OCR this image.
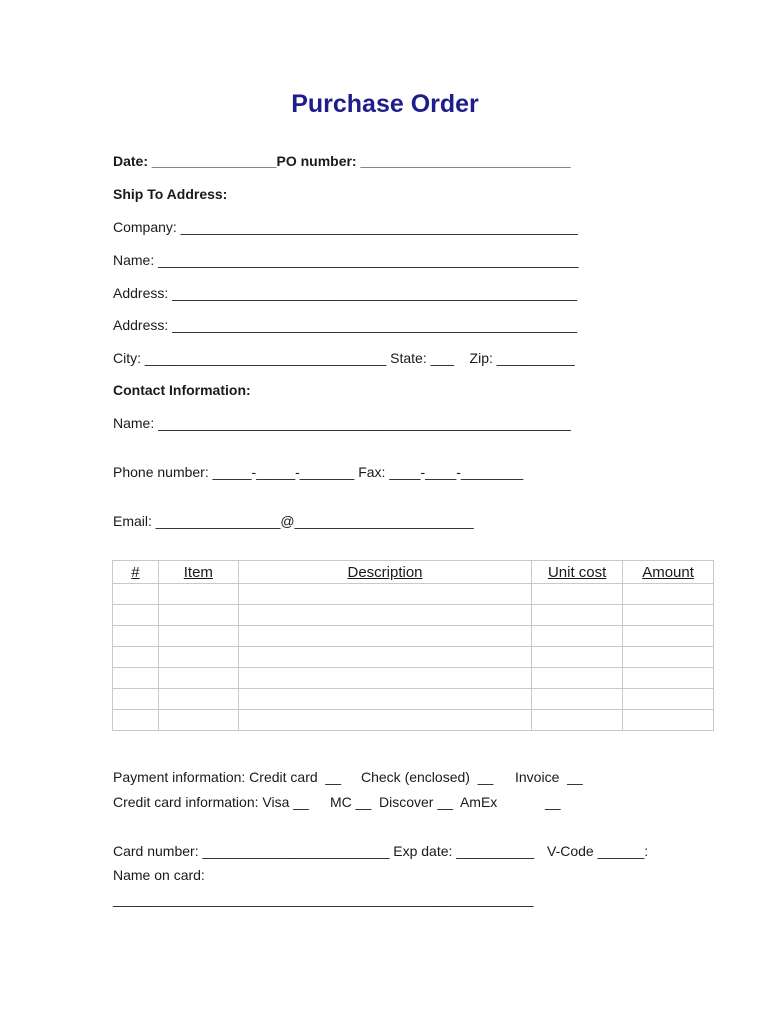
Purchase Order
Date: ________________PO number: ___________________________
Ship To Address:
Company: ___________________________________________________
Name: ______________________________________________________
Address: ____________________________________________________
Address: ____________________________________________________
City: _______________________________ State: ___    Zip: __________
Contact Information:
Name: _____________________________________________________
Phone number: _____-_____-_______ Fax: ____-____-________
Email: ________________@_______________________
#	Item	Description	Unit cost	Amount

Payment information: Credit card  __ Check (enclosed)  __ Invoice  __
Credit card information: Visa __ MC __  Discover __  AmEx	__
Card number: ________________________ Exp date: __________ V-Code ______:
Name on card:
______________________________________________________
